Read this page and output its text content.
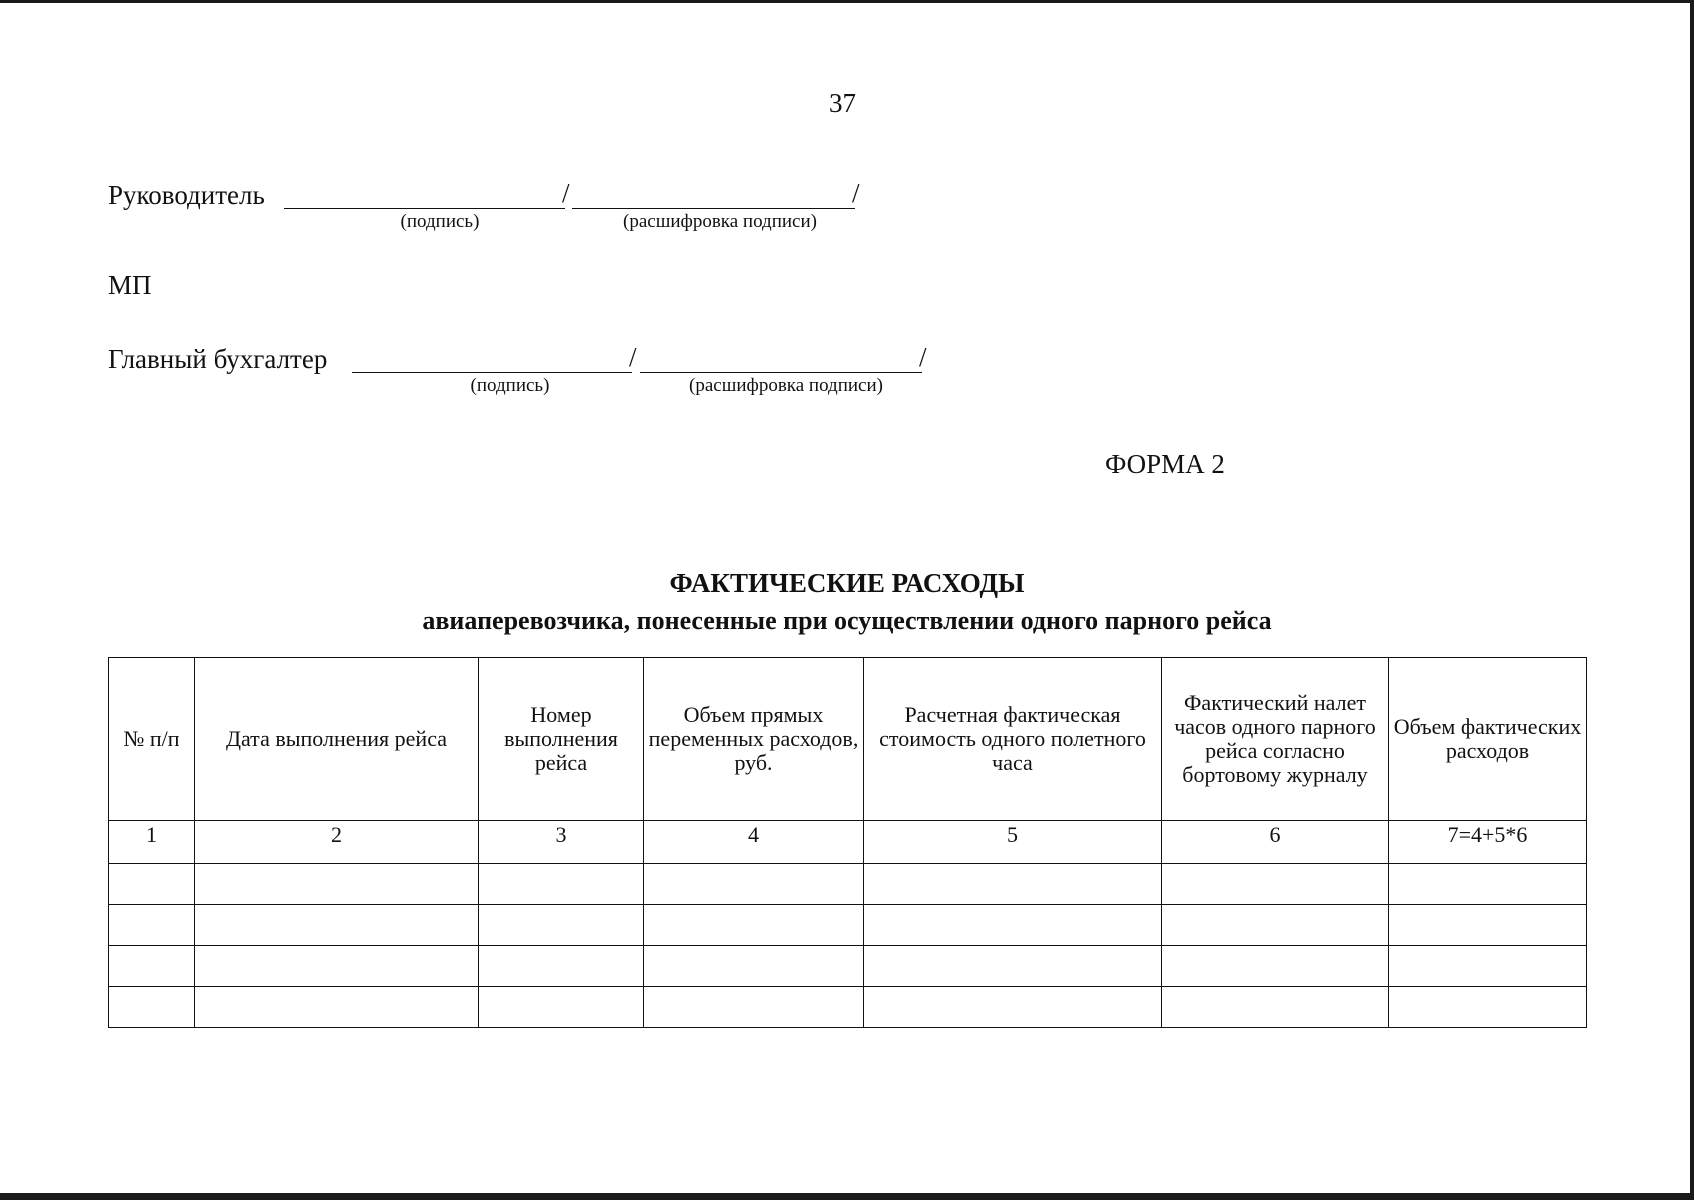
37
Руководитель	/	/
(подпись)	(расшифровка подписи)
МП
Главный бухгалтер	/	/
(подпись)	(расшифровка подписи)
ФОРМА 2
ФАКТИЧЕСКИЕ РАСХОДЫ
авиаперевозчика, понесенные при осуществлении одного парного рейса
№ п/п	Дата выполнения рейса	Номер выполнения рейса	Объем прямых переменных расходов, руб.	Расчетная фактическая стоимость одного полетного часа	Фактический налет часов одного парного рейса согласно бортовому журналу	Объем фактических расходов
1	2	3	4	5	6	7=4+5*6
